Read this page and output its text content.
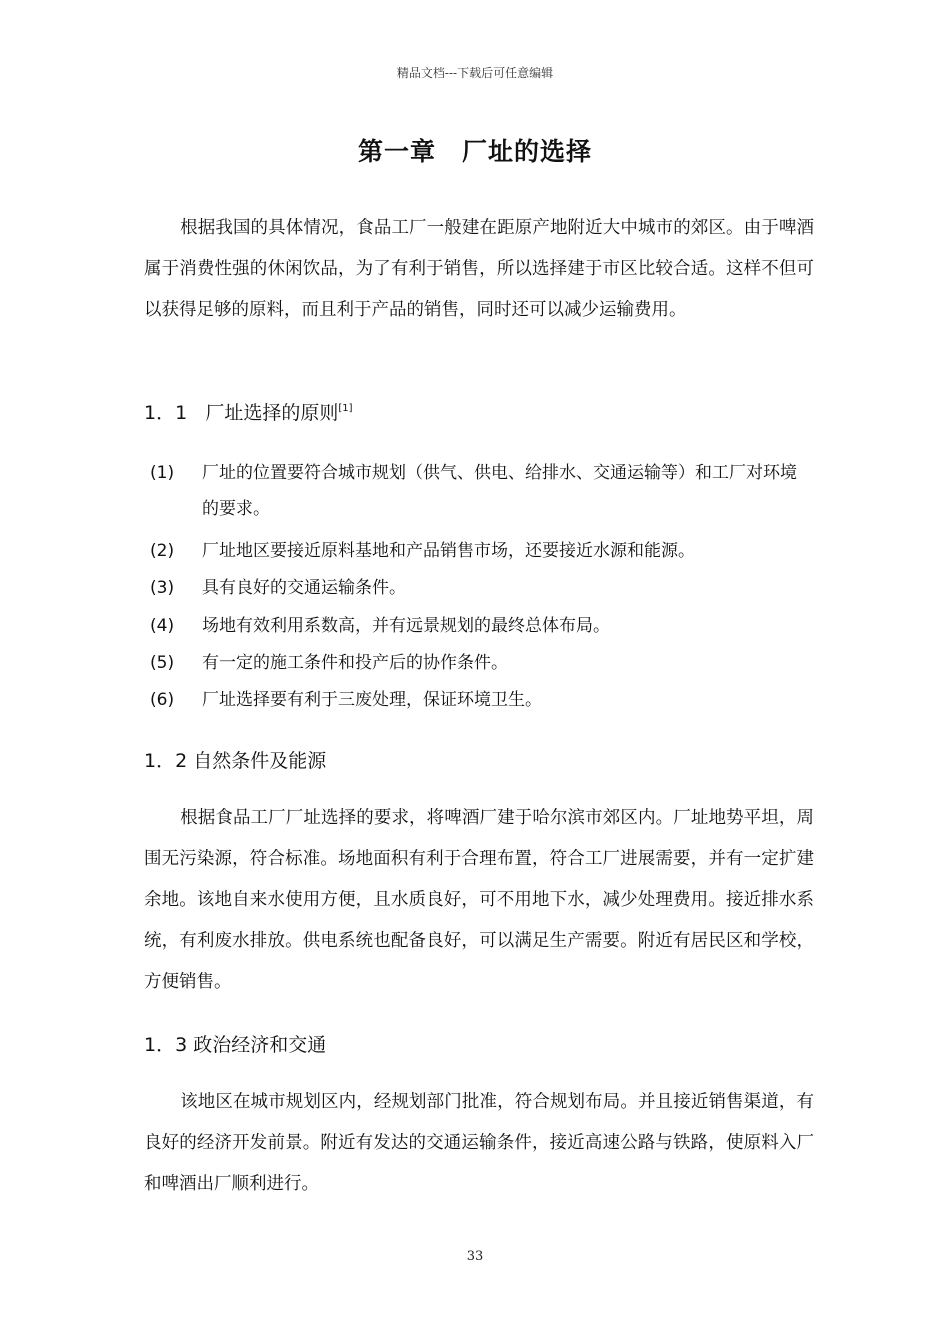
精品文档---下载后可任意编辑
第一章　厂址的选择
根据我国的具体情况，食品工厂一般建在距原产地附近大中城市的郊区。由于啤酒属于消费性强的休闲饮品，为了有利于销售，所以选择建于市区比较合适。这样不但可以获得足够的原料，而且利于产品的销售，同时还可以减少运输费用。
1．1 厂址选择的原则[1]
(1) 厂址的位置要符合城市规划（供气、供电、给排水、交通运输等）和工厂对环境的要求。
(2) 厂址地区要接近原料基地和产品销售市场，还要接近水源和能源。
(3) 具有良好的交通运输条件。
(4) 场地有效利用系数高，并有远景规划的最终总体布局。
(5) 有一定的施工条件和投产后的协作条件。
(6) 厂址选择要有利于三废处理，保证环境卫生。
1．2 自然条件及能源
根据食品工厂厂址选择的要求，将啤酒厂建于哈尔滨市郊区内。厂址地势平坦，周围无污染源，符合标准。场地面积有利于合理布置，符合工厂进展需要，并有一定扩建余地。该地自来水使用方便，且水质良好，可不用地下水，减少处理费用。接近排水系统，有利废水排放。供电系统也配备良好，可以满足生产需要。附近有居民区和学校，方便销售。
1．3 政治经济和交通
该地区在城市规划区内，经规划部门批准，符合规划布局。并且接近销售渠道，有良好的经济开发前景。附近有发达的交通运输条件，接近高速公路与铁路，使原料入厂和啤酒出厂顺利进行。
33
